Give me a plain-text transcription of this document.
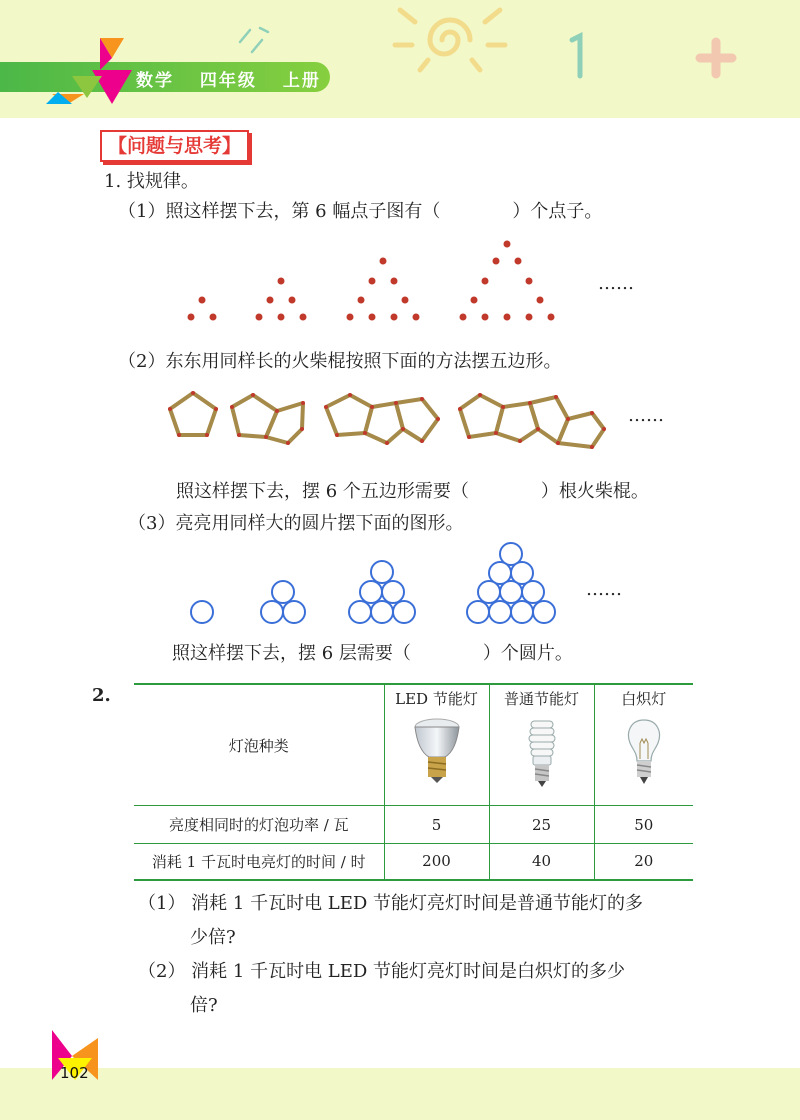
数学 四年级 上册
【问题与思考】
1. 找规律。
（1）照这样摆下去，第 6 幅点子图有（	）个点子。
……
（2）东东用同样长的火柴棍按照下面的方法摆五边形。
……
照这样摆下去，摆 6 个五边形需要（	）根火柴棍。
（3）亮亮用同样大的圆片摆下面的图形。
……
照这样摆下去，摆 6 层需要（	）个圆片。
2.
灯泡种类	LED 节能灯	普通节能灯	白炽灯

亮度相同时的灯泡功率 / 瓦	5	25	50
消耗 1 千瓦时电亮灯的时间 / 时	200	40	20
（1） 消耗 1 千瓦时电 LED 节能灯亮灯时间是普通节能灯的多
少倍?
（2） 消耗 1 千瓦时电 LED 节能灯亮灯时间是白炽灯的多少
倍?
102
